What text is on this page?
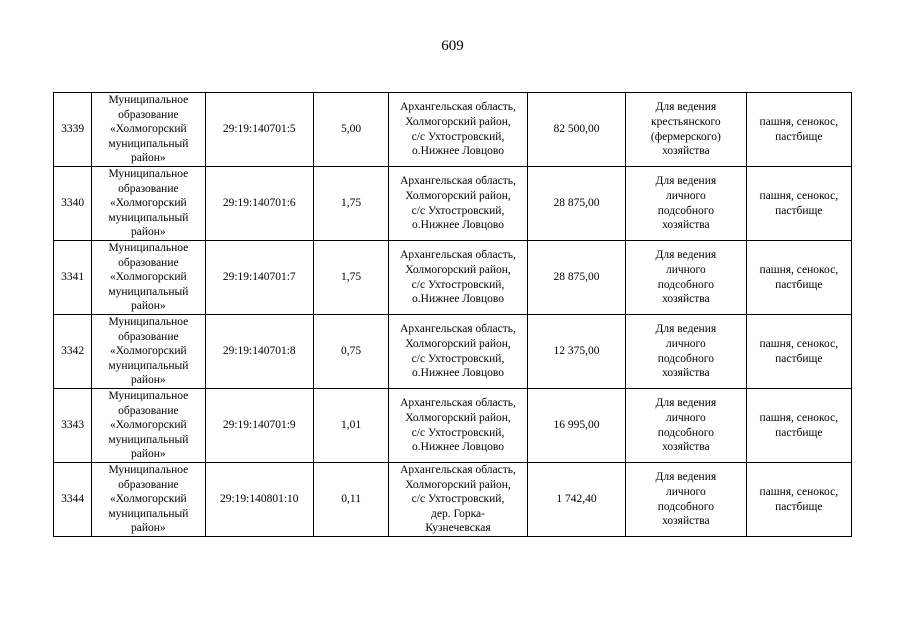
609
3339	Муниципальное
образование
«Холмогорский
муниципальный
район»	29:19:140701:5	5,00	Архангельская область,
Холмогорский район,
с/с Ухтостровский,
о.Нижнее Ловцово	82 500,00	Для ведения
крестьянского
(фермерского)
хозяйства	пашня, сенокос,
пастбище

3340	Муниципальное
образование
«Холмогорский
муниципальный
район»	29:19:140701:6	1,75	Архангельская область,
Холмогорский район,
с/с Ухтостровский,
о.Нижнее Ловцово	28 875,00	Для ведения
личного
подсобного
хозяйства	пашня, сенокос,
пастбище

3341	Муниципальное
образование
«Холмогорский
муниципальный
район»	29:19:140701:7	1,75	Архангельская область,
Холмогорский район,
с/с Ухтостровский,
о.Нижнее Ловцово	28 875,00	Для ведения
личного
подсобного
хозяйства	пашня, сенокос,
пастбище

3342	Муниципальное
образование
«Холмогорский
муниципальный
район»	29:19:140701:8	0,75	Архангельская область,
Холмогорский район,
с/с Ухтостровский,
о.Нижнее Ловцово	12 375,00	Для ведения
личного
подсобного
хозяйства	пашня, сенокос,
пастбище

3343	Муниципальное
образование
«Холмогорский
муниципальный
район»	29:19:140701:9	1,01	Архангельская область,
Холмогорский район,
с/с Ухтостровский,
о.Нижнее Ловцово	16 995,00	Для ведения
личного
подсобного
хозяйства	пашня, сенокос,
пастбище

3344	Муниципальное
образование
«Холмогорский
муниципальный
район»	29:19:140801:10	0,11	Архангельская область,
Холмогорский район,
с/с Ухтостровский,
дер. Горка-
Кузнечевская	1 742,40	Для ведения
личного
подсобного
хозяйства	пашня, сенокос,
пастбище
